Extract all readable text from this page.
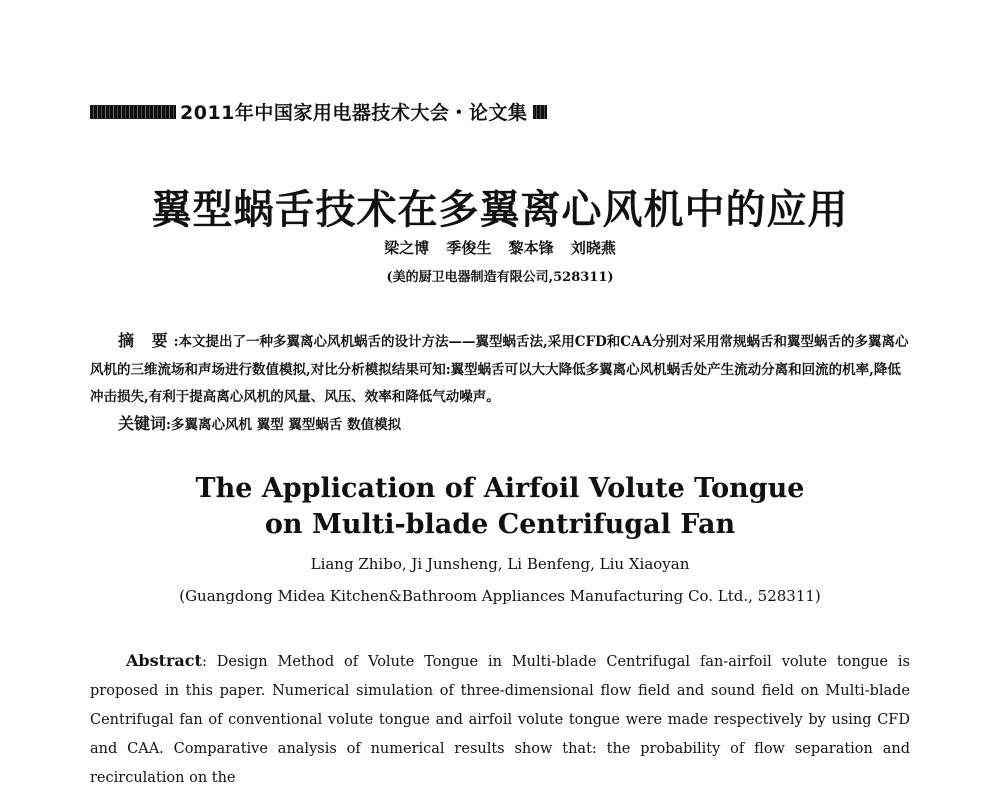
2011年中国家用电器技术大会・论文集
翼型蜗舌技术在多翼离心风机中的应用
梁之博 季俊生 黎本锋 刘晓燕
(美的厨卫电器制造有限公司,528311)
摘 要:本文提出了一种多翼离心风机蜗舌的设计方法——翼型蜗舌法,采用CFD和CAA分别对采用常规蜗舌和翼型蜗舌的多翼离心风机的三维流场和声场进行数值模拟,对比分析模拟结果可知:翼型蜗舌可以大大降低多翼离心风机蜗舌处产生流动分离和回流的机率,降低冲击损失,有利于提高离心风机的风量、风压、效率和降低气动噪声。
关键词:多翼离心风机 翼型 翼型蜗舌 数值模拟
The Application of Airfoil Volute Tongue
on Multi-blade Centrifugal Fan
Liang Zhibo, Ji Junsheng, Li Benfeng, Liu Xiaoyan
(Guangdong Midea Kitchen&Bathroom Appliances Manufacturing Co. Ltd., 528311)
Abstract: Design Method of Volute Tongue in Multi-blade Centrifugal fan-airfoil volute tongue is proposed in this paper. Numerical simulation of three-dimensional flow field and sound field on Multi-blade Centrifugal fan of conventional volute tongue and airfoil volute tongue were made respectively by using CFD and CAA. Comparative analysis of numerical results show that: the probability of flow separation and recirculation on the
